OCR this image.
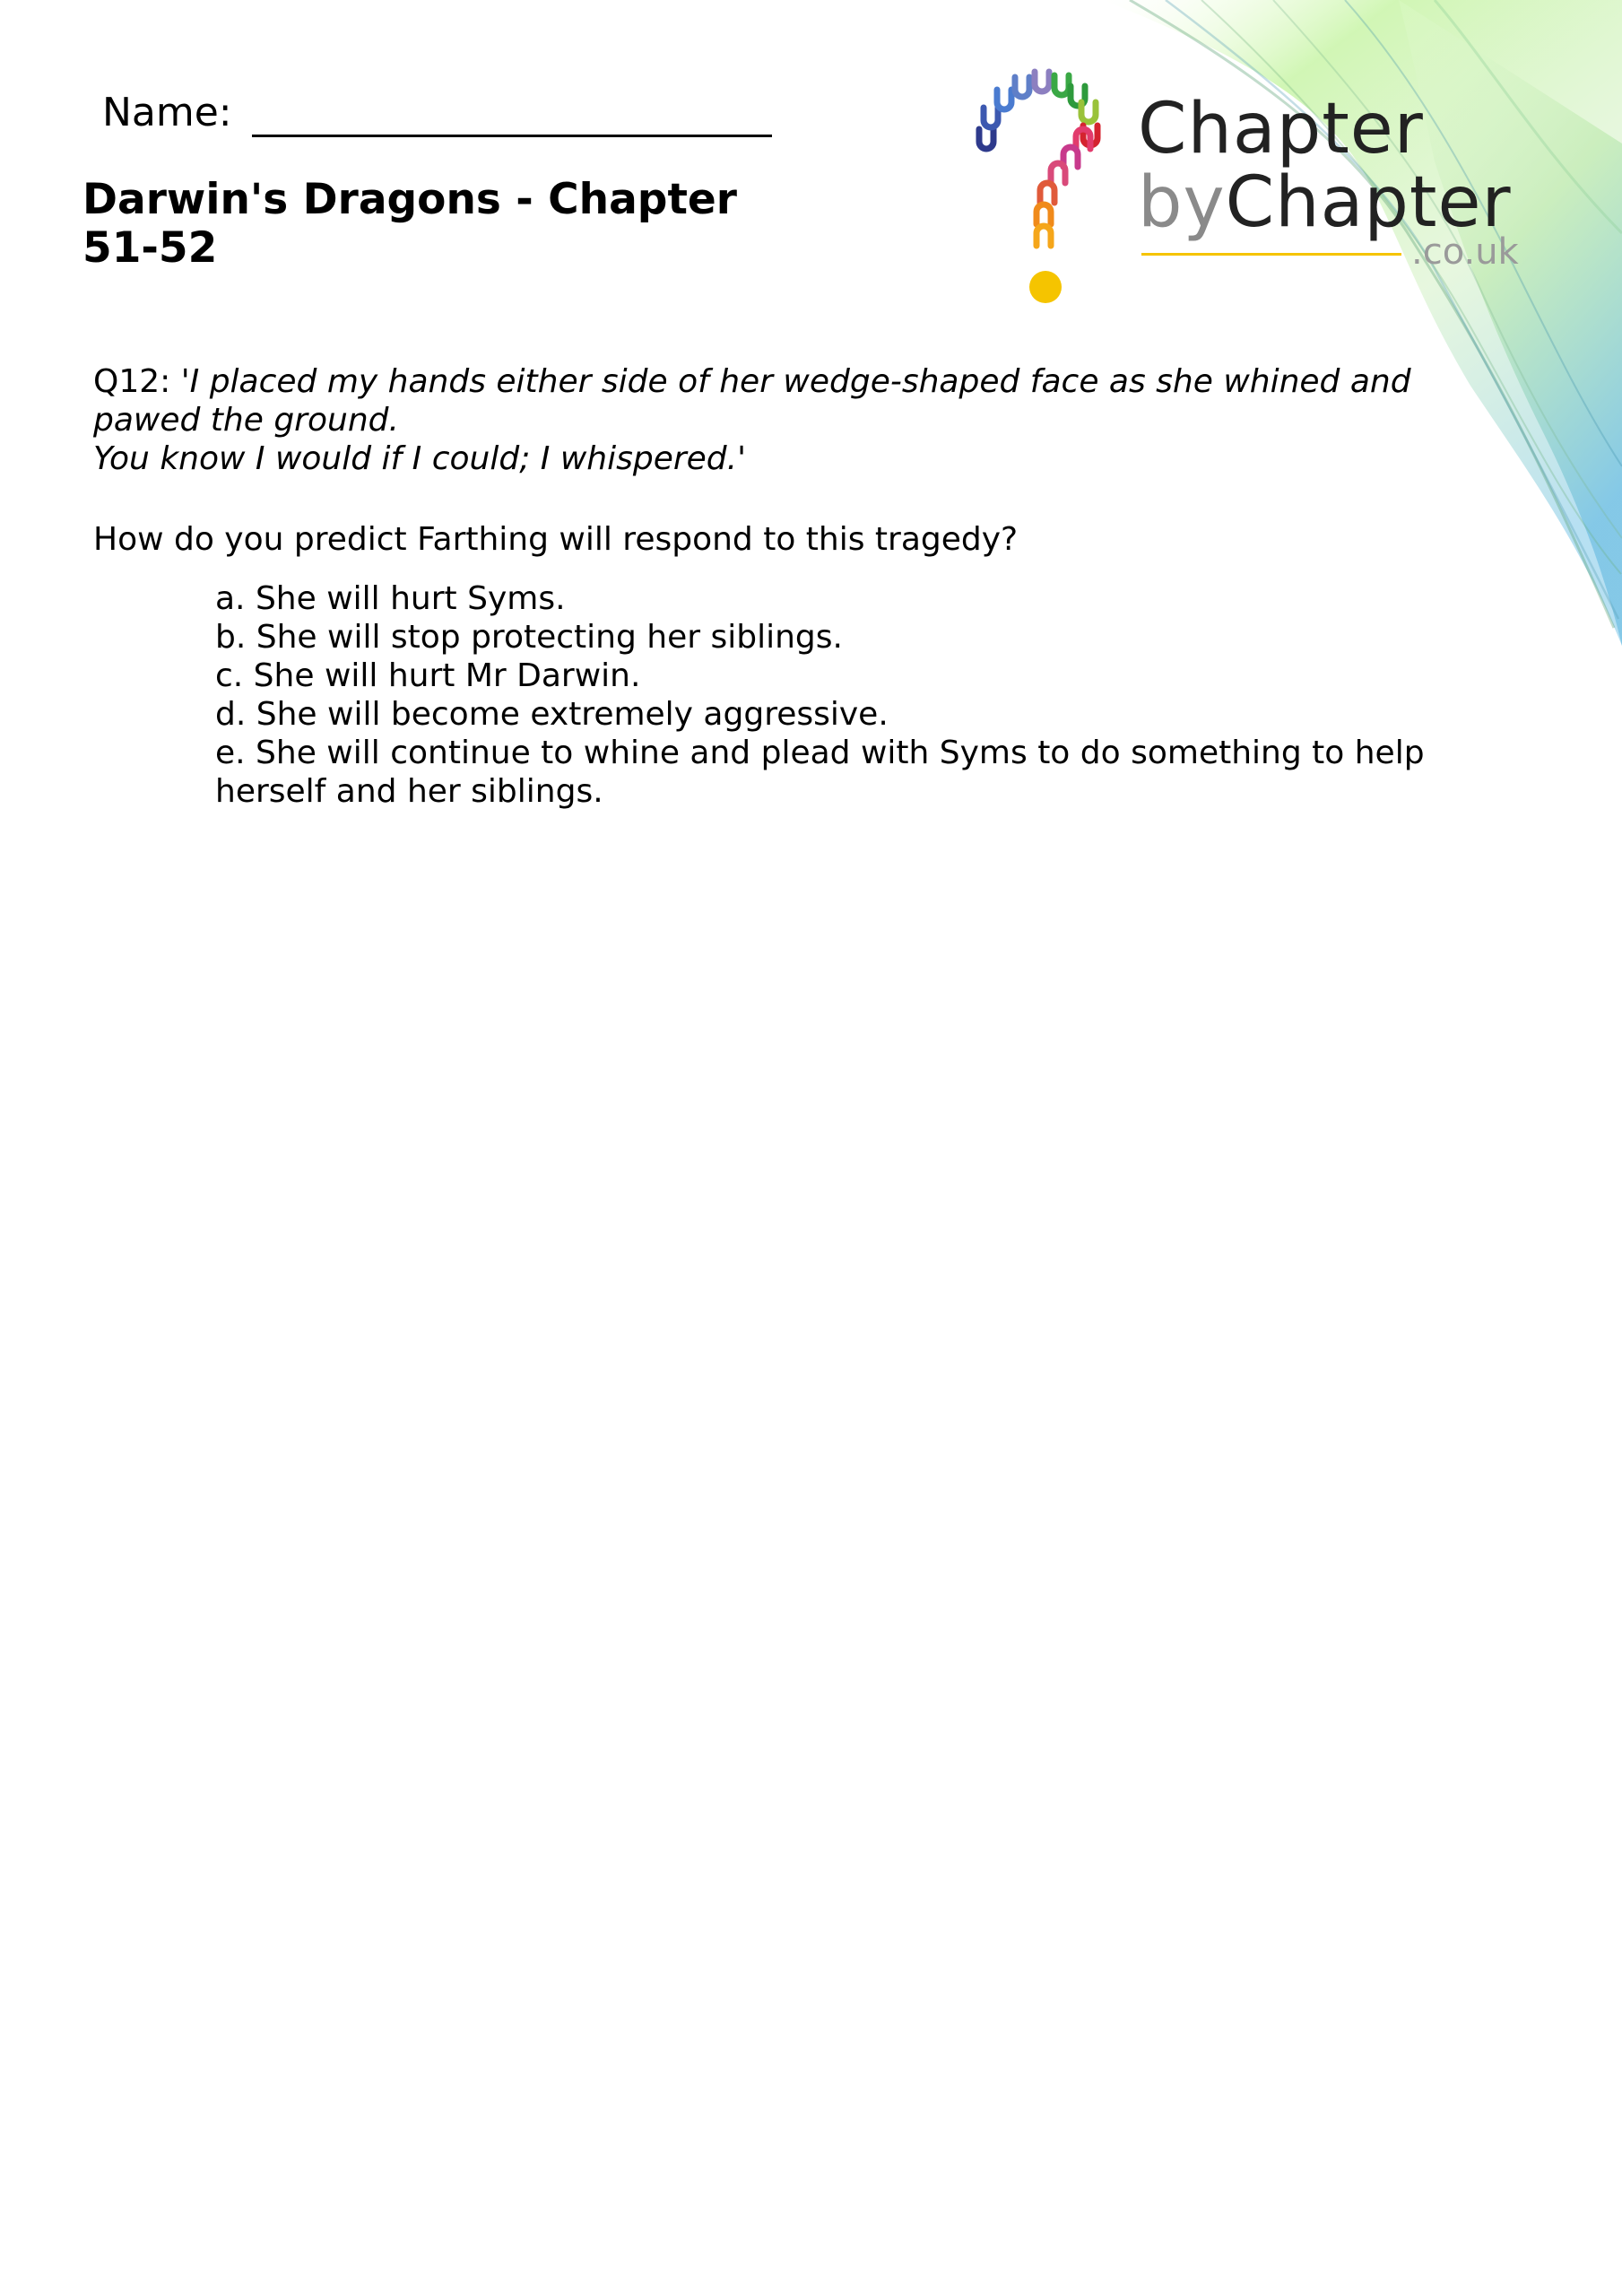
Name:
Darwin's Dragons - Chapter 51-52
Chapter
byChapter
.co.uk
Q12: 'I placed my hands either side of her wedge-shaped face as she whined and pawed the ground.
You know I would if I could; I whispered.'
How do you predict Farthing will respond to this tragedy?
a. She will hurt Syms.
b. She will stop protecting her siblings.
c. She will hurt Mr Darwin.
d. She will become extremely aggressive.
e. She will continue to whine and plead with Syms to do something to help herself and her siblings.
